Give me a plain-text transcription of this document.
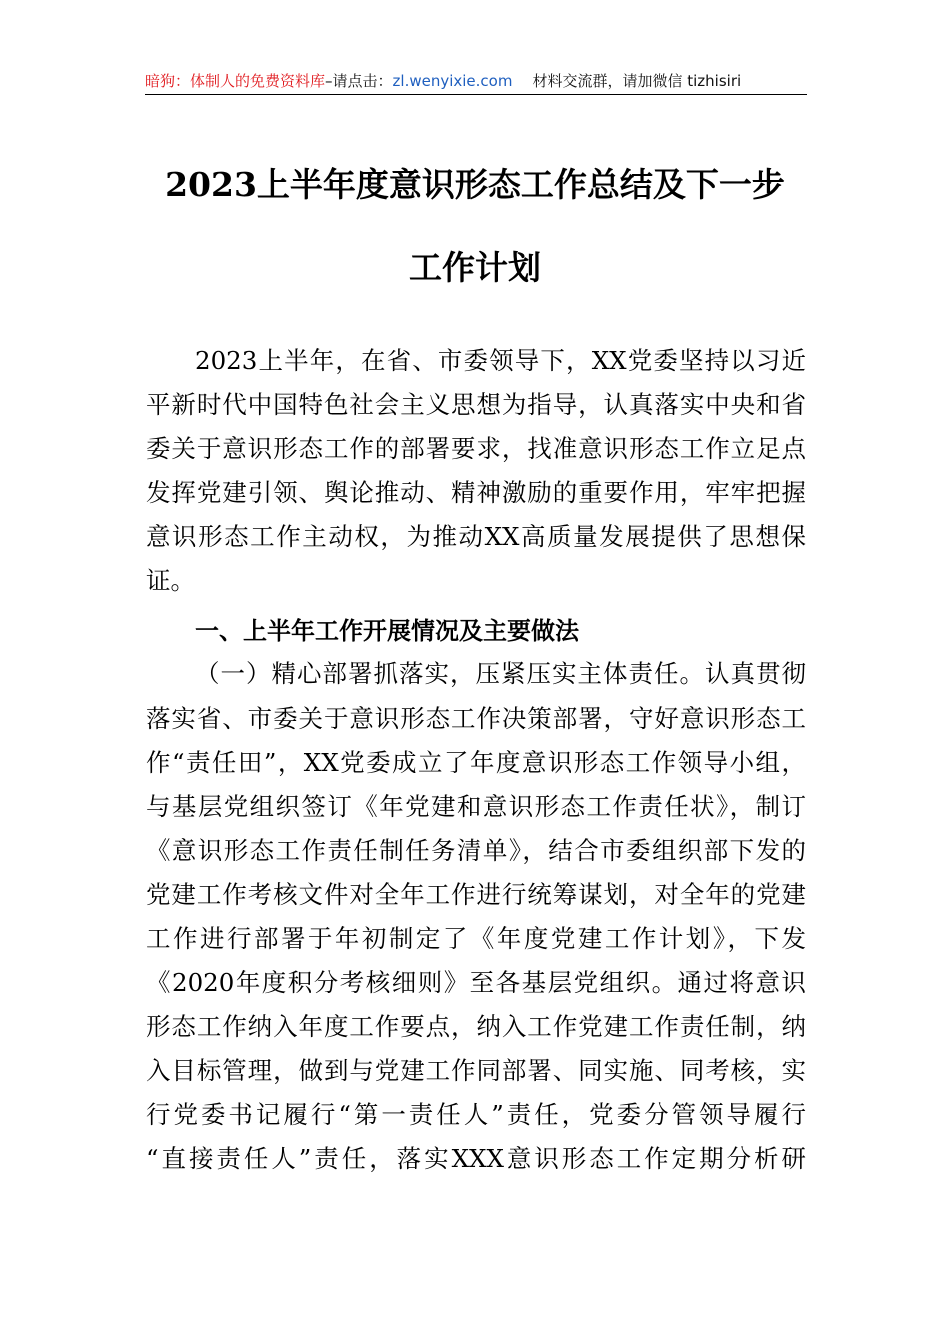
暗狗：体制人的免费资料库–请点击：zl.wenyixie.com 材料交流群，请加微信 tizhisiri
2023上半年度意识形态工作总结及下一步
工作计划
2023上半年，在省、市委领导下，XX党委坚持以习近
平新时代中国特色社会主义思想为指导，认真落实中央和省
委关于意识形态工作的部署要求，找准意识形态工作立足点
发挥党建引领、舆论推动、精神激励的重要作用，牢牢把握
意识形态工作主动权，为推动XX高质量发展提供了思想保
证。
一、上半年工作开展情况及主要做法
（一）精心部署抓落实，压紧压实主体责任。认真贯彻
落实省、市委关于意识形态工作决策部署，守好意识形态工
作“责任田”，XX党委成立了年度意识形态工作领导小组，
与基层党组织签订《年党建和意识形态工作责任状》，制订
《意识形态工作责任制任务清单》，结合市委组织部下发的
党建工作考核文件对全年工作进行统筹谋划，对全年的党建
工作进行部署于年初制定了《年度党建工作计划》，下发
《2020年度积分考核细则》至各基层党组织。通过将意识
形态工作纳入年度工作要点，纳入工作党建工作责任制，纳
入目标管理，做到与党建工作同部署、同实施、同考核，实
行党委书记履行“第一责任人”责任，党委分管领导履行
“直接责任人”责任，落实XXX意识形态工作定期分析研
